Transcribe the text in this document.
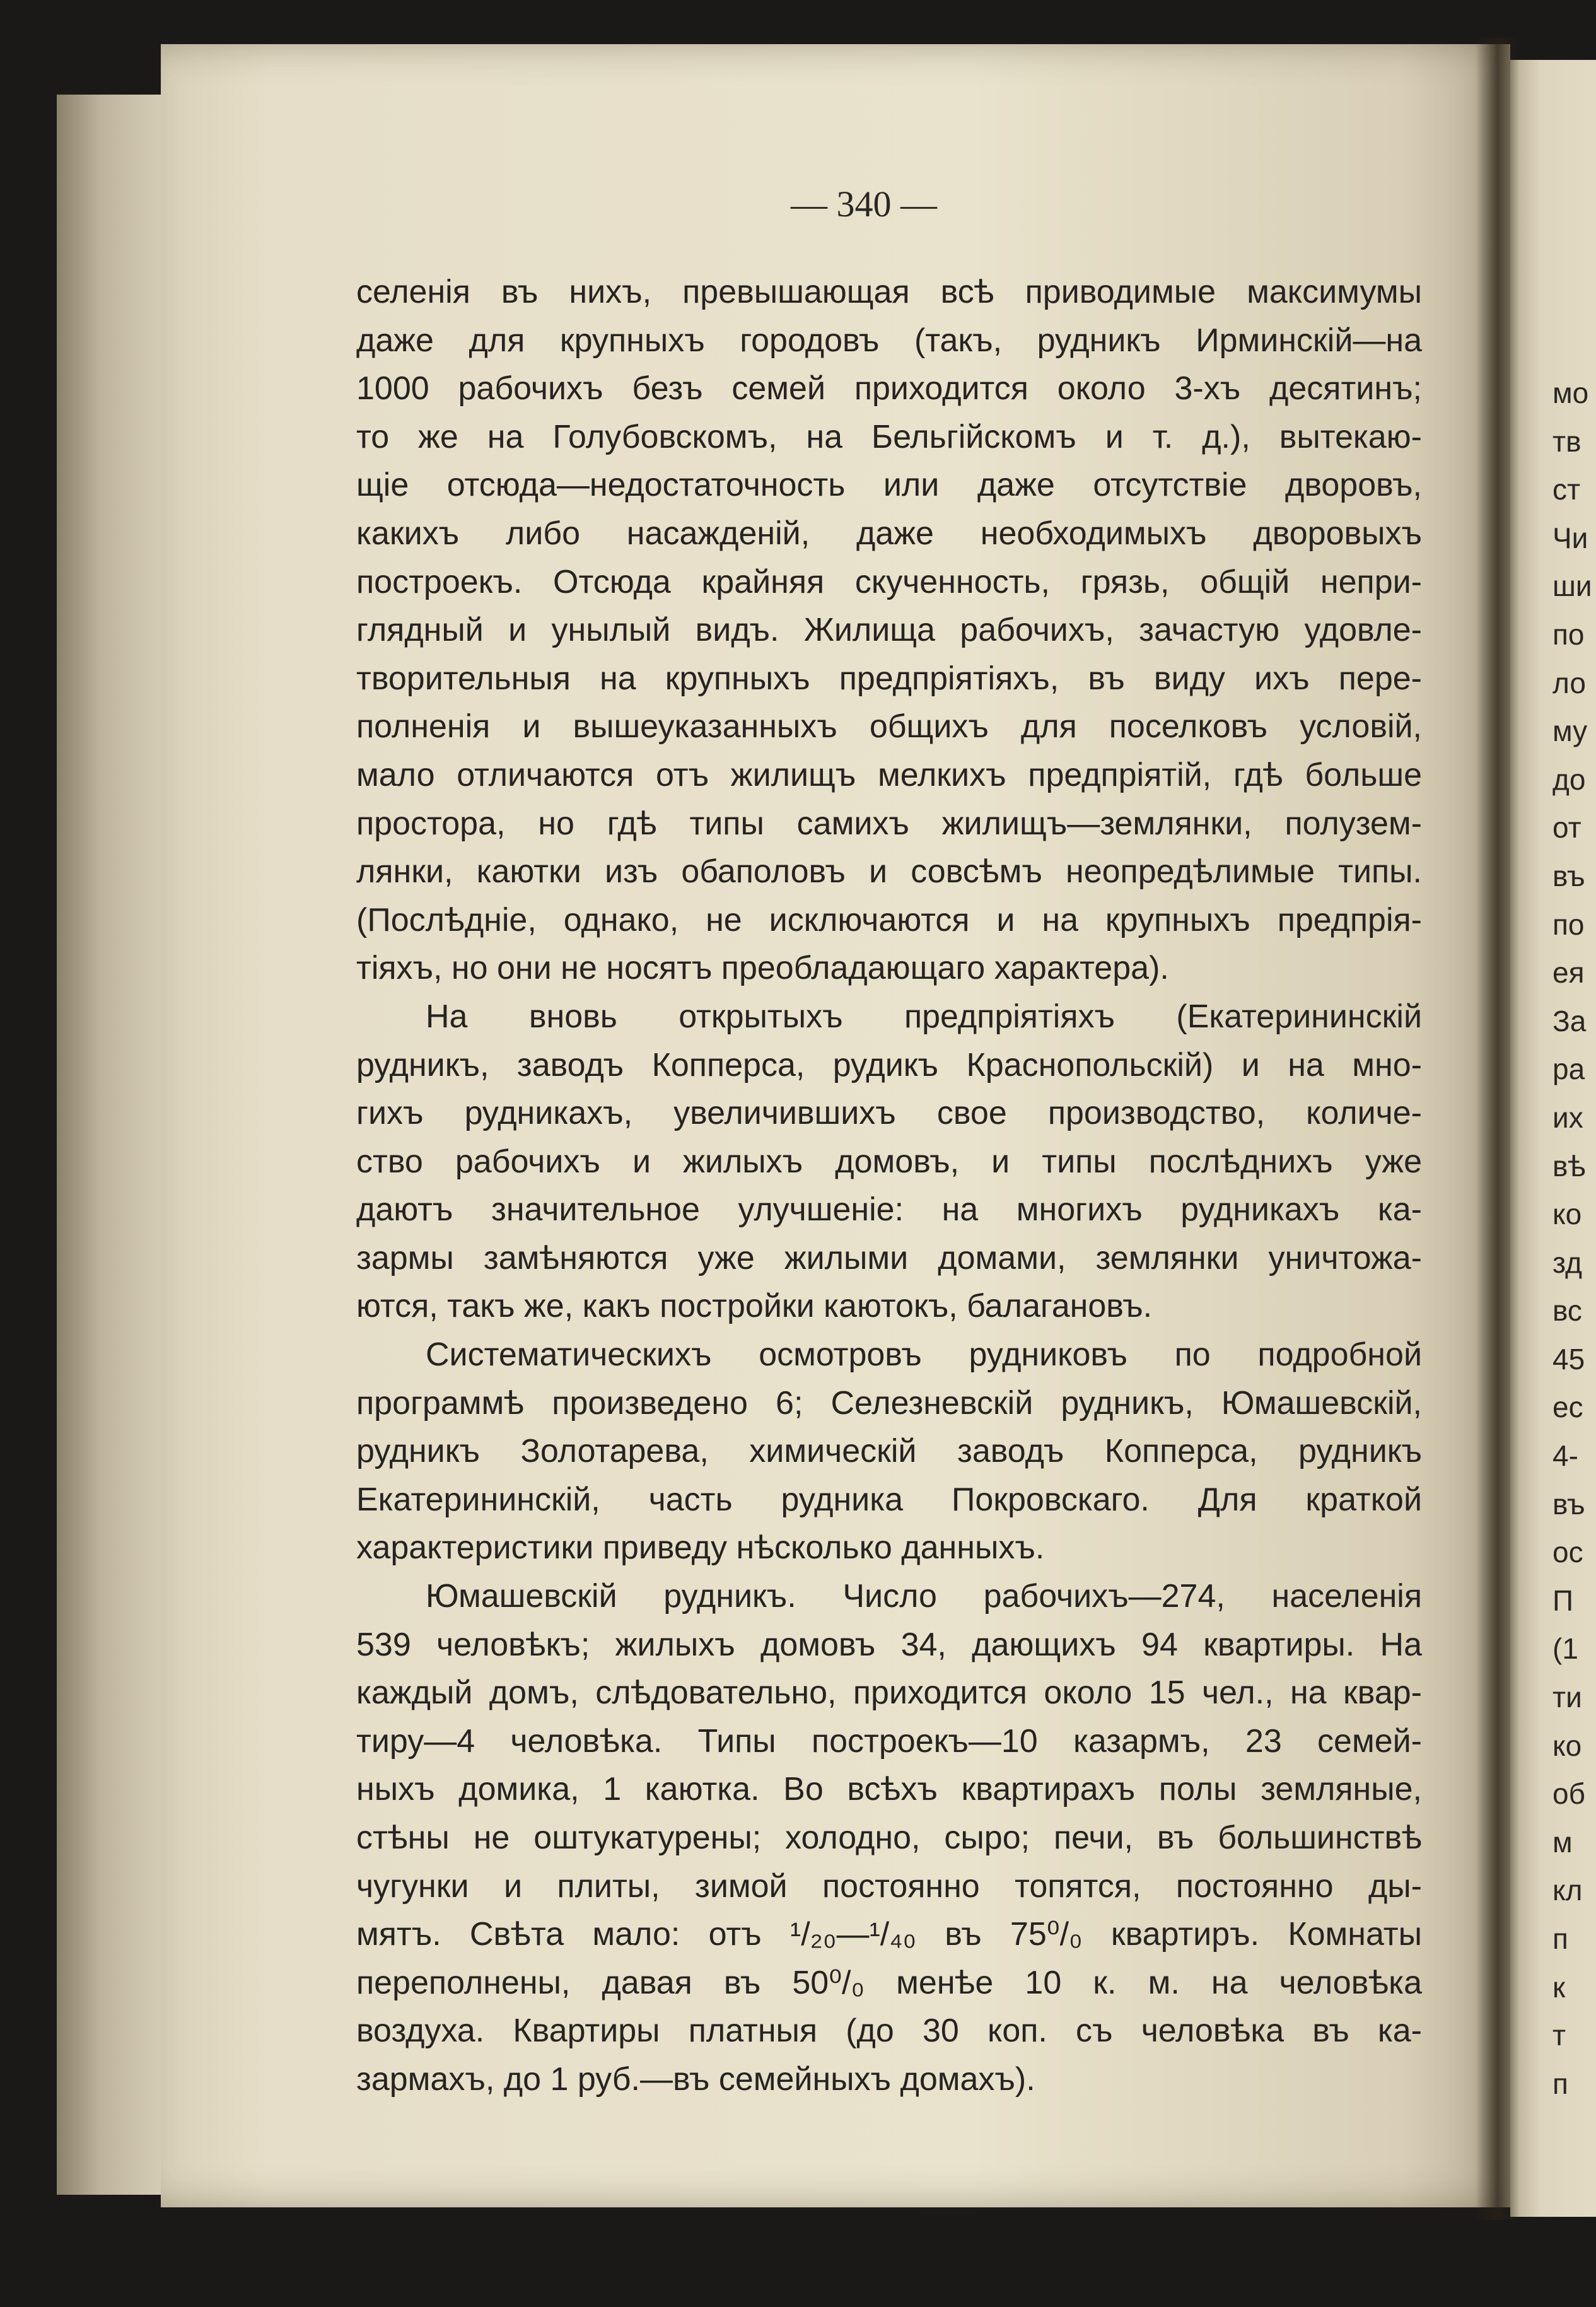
— 340 —
селенія въ нихъ, превышающая всѣ приводимые максимумы
даже для крупныхъ городовъ (такъ, рудникъ Ирминскій—на
1000 рабочихъ безъ семей приходится около 3-хъ десятинъ;
то же на Голубовскомъ, на Бельгійскомъ и т. д.), вытекаю-
щіе отсюда—недостаточность или даже отсутствіе дворовъ,
какихъ либо насажденій, даже необходимыхъ дворовыхъ
построекъ. Отсюда крайняя скученность, грязь, общій непри-
глядный и унылый видъ. Жилища рабочихъ, зачастую удовле-
творительныя на крупныхъ предпріятіяхъ, въ виду ихъ пере-
полненія и вышеуказанныхъ общихъ для поселковъ условій,
мало отличаются отъ жилищъ мелкихъ предпріятій, гдѣ больше
простора, но гдѣ типы самихъ жилищъ—землянки, полузем-
лянки, каютки изъ обаполовъ и совсѣмъ неопредѣлимые типы.
(Послѣдніе, однако, не исключаются и на крупныхъ предпрія-
тіяхъ, но они не носятъ преобладающаго характера).
На вновь открытыхъ предпріятіяхъ (Екатерининскій
рудникъ, заводъ Копперса, рудикъ Краснопольскій) и на мно-
гихъ рудникахъ, увеличившихъ свое производство, количе-
ство рабочихъ и жилыхъ домовъ, и типы послѣднихъ уже
даютъ значительное улучшеніе: на многихъ рудникахъ ка-
зармы замѣняются уже жилыми домами, землянки уничтожа-
ются, такъ же, какъ постройки каютокъ, балагановъ.
Систематическихъ осмотровъ рудниковъ по подробной
программѣ произведено 6; Селезневскій рудникъ, Юмашевскій,
рудникъ Золотарева, химическій заводъ Копперса, рудникъ
Екатерининскій, часть рудника Покровскаго. Для краткой
характеристики приведу нѣсколько данныхъ.
Юмашевскій рудникъ. Число рабочихъ—274, населенія
539 человѣкъ; жилыхъ домовъ 34, дающихъ 94 квартиры. На
каждый домъ, слѣдовательно, приходится около 15 чел., на квар-
тиру—4 человѣка. Типы построекъ—10 казармъ, 23 семей-
ныхъ домика, 1 каютка. Во всѣхъ квартирахъ полы земляные,
стѣны не оштукатурены; холодно, сыро; печи, въ большинствѣ
чугунки и плиты, зимой постоянно топятся, постоянно ды-
мятъ. Свѣта мало: отъ ¹/₂₀—¹/₄₀ въ 75⁰/₀ квартиръ. Комнаты
переполнены, давая въ 50⁰/₀ менѣе 10 к. м. на человѣка
воздуха. Квартиры платныя (до 30 коп. съ человѣка въ ка-
зармахъ, до 1 руб.—въ семейныхъ домахъ).
мо
тв
ст
Чи
ши
по
ло
му
до
от
въ
по
ея
За
ра
их
вѣ
ко
зд
вс
45
ес
4-
въ
ос
П
(1
ти
ко
об
м
кл
п
к
т
п
